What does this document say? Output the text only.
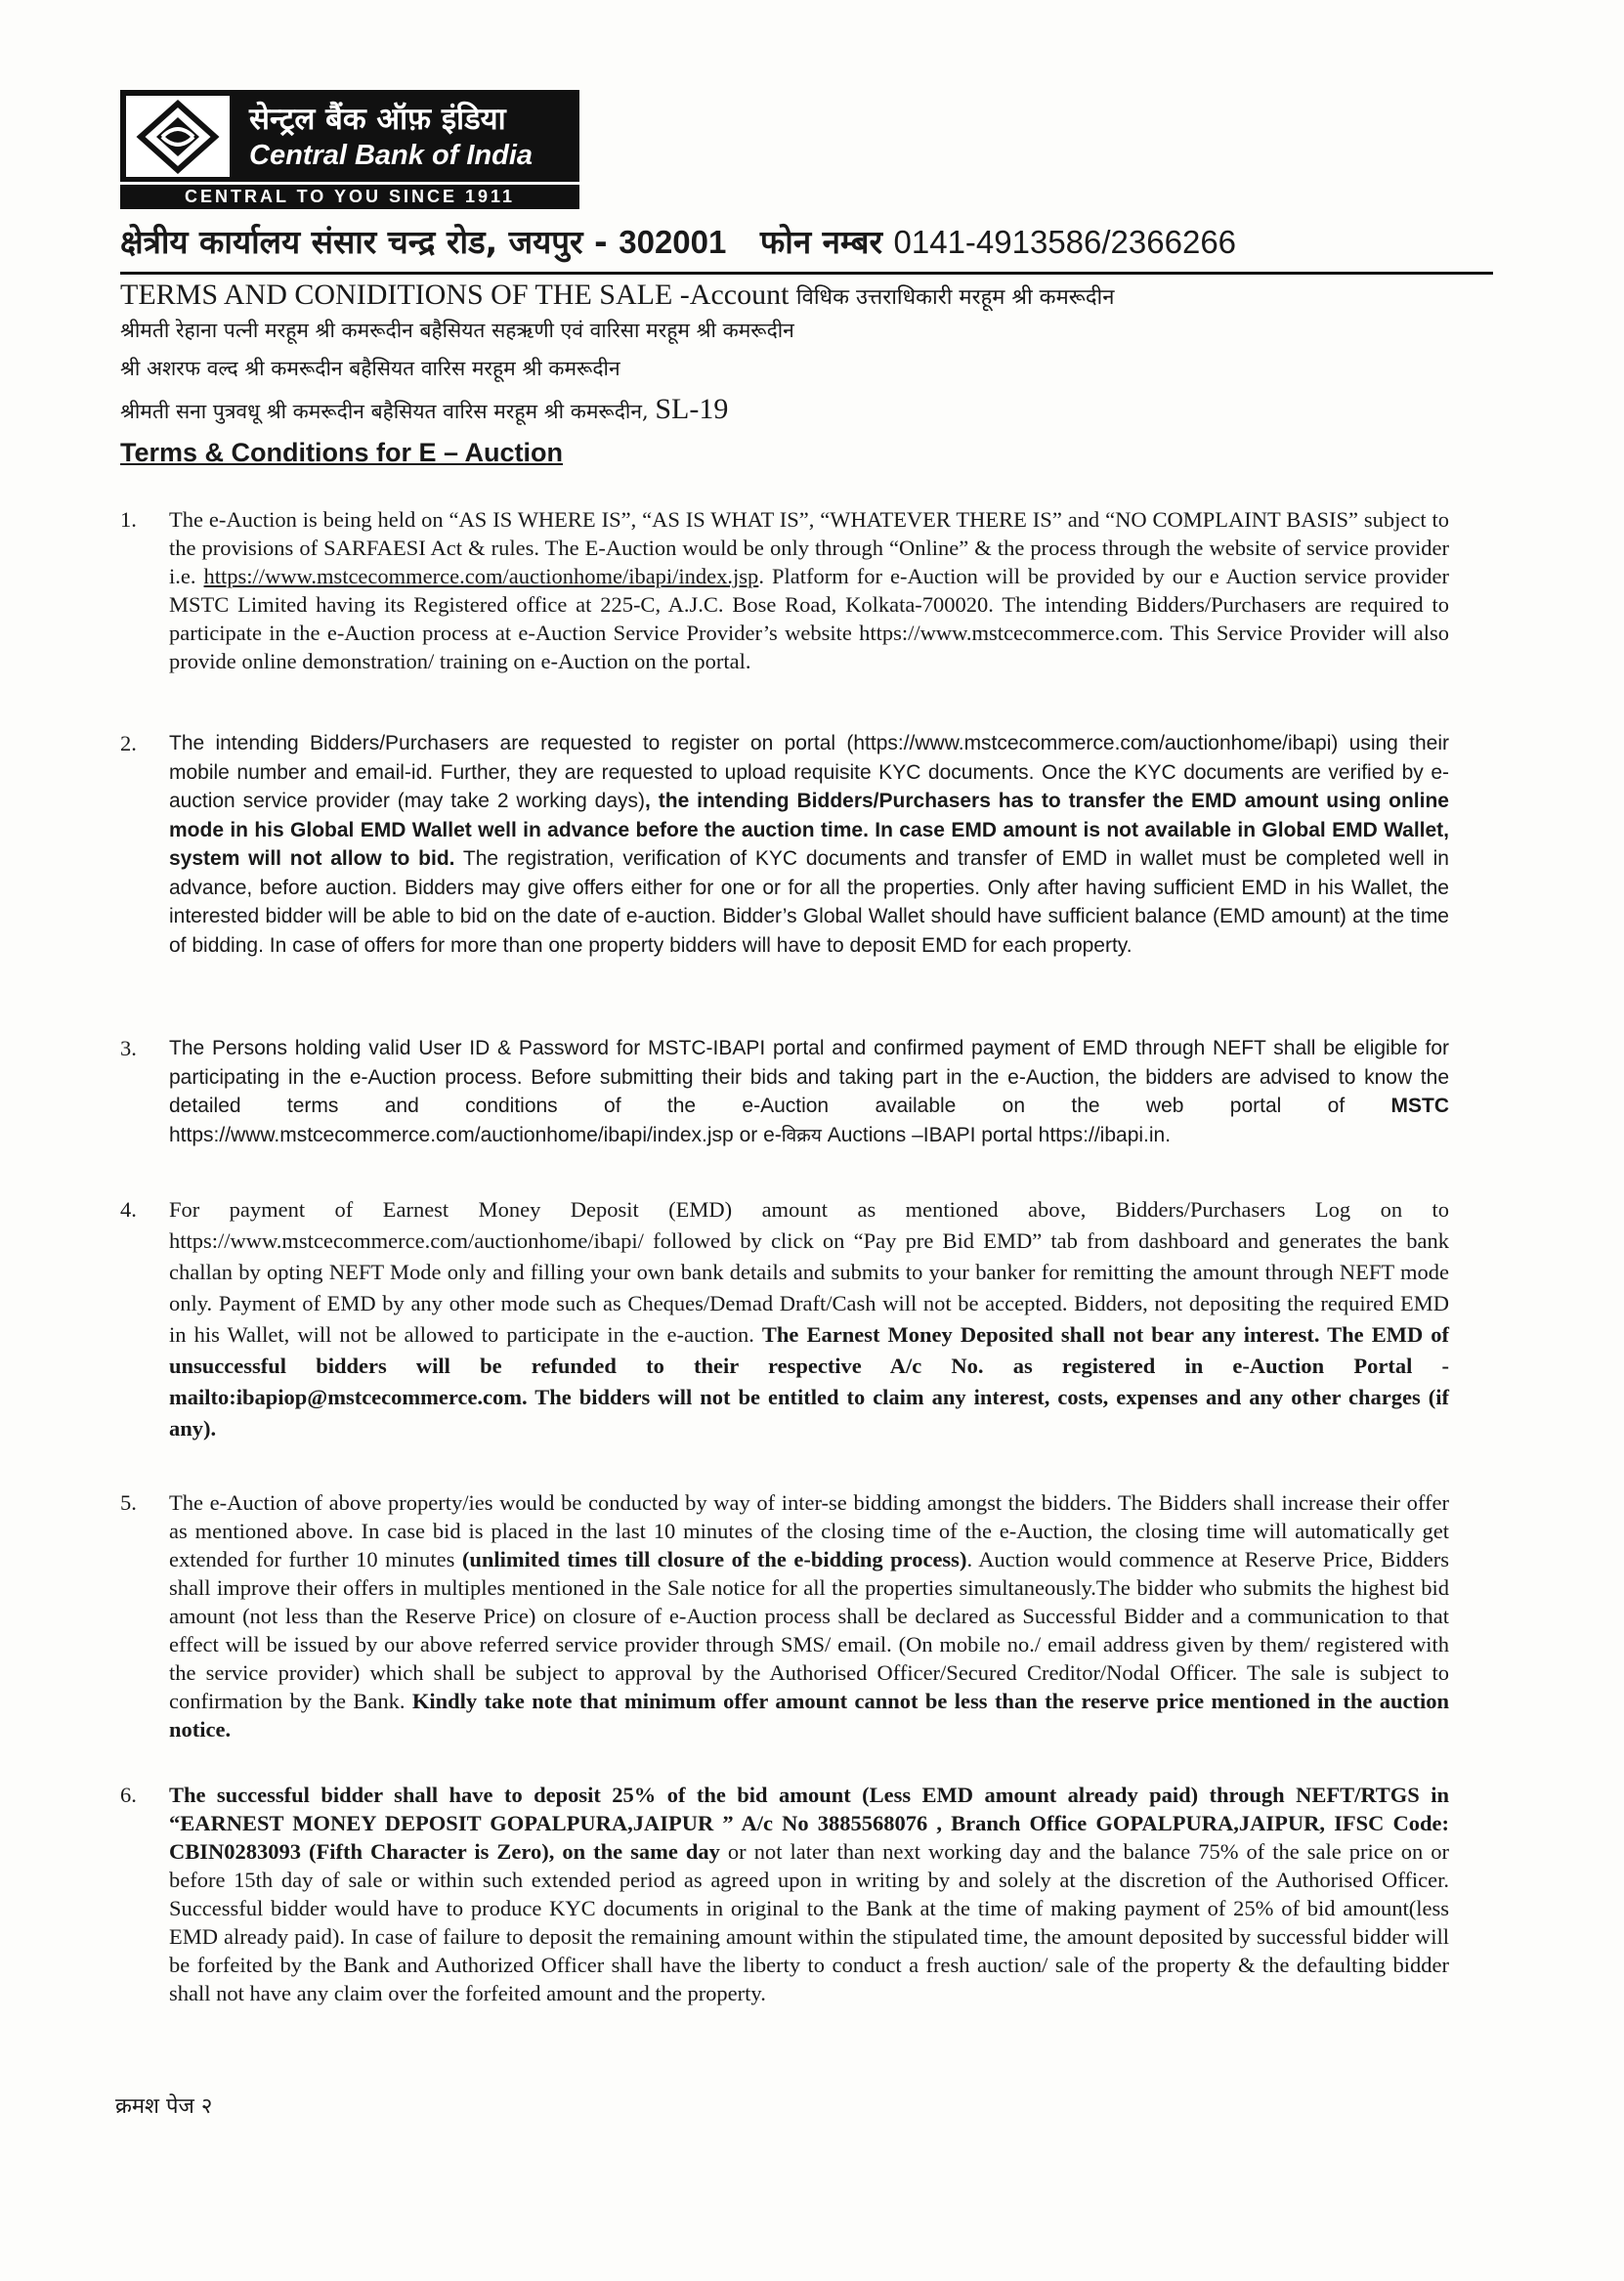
सेन्ट्रल बैंक ऑफ़ इंडिया
Central Bank of India
CENTRAL TO YOU SINCE 1911
क्षेत्रीय कार्यालय संसार चन्द्र रोड, जयपुर - 302001 फोन नम्बर 0141-4913586/2366266
TERMS AND CONIDITIONS OF THE SALE -Account विधिक उत्तराधिकारी मरहूम श्री कमरूदीन
श्रीमती रेहाना पत्नी मरहूम श्री कमरूदीन बहैसियत सहऋणी एवं वारिसा मरहूम श्री कमरूदीन
श्री अशरफ वल्द श्री कमरूदीन बहैसियत वारिस मरहूम श्री कमरूदीन
श्रीमती सना पुत्रवधू श्री कमरूदीन बहैसियत वारिस मरहूम श्री कमरूदीन, SL-19
Terms & Conditions for E – Auction
1.	The e-Auction is being held on “AS IS WHERE IS”, “AS IS WHAT IS”, “WHATEVER THERE IS” and “NO COMPLAINT BASIS” subject to the provisions of SARFAESI Act & rules. The E-Auction would be only through “Online” & the process through the website of service provider i.e. https://www.mstcecommerce.com/auctionhome/ibapi/index.jsp. Platform for e-Auction will be provided by our e Auction service provider MSTC Limited having its Registered office at 225-C, A.J.C. Bose Road, Kolkata-700020. The intending Bidders/Purchasers are required to participate in the e-Auction process at e-Auction Service Provider’s website https://www.mstcecommerce.com. This Service Provider will also provide online demonstration/ training on e-Auction on the portal.
2.	The intending Bidders/Purchasers are requested to register on portal (https://www.mstcecommerce.com/auctionhome/ibapi) using their mobile number and email-id. Further, they are requested to upload requisite KYC documents. Once the KYC documents are verified by e-auction service provider (may take 2 working days), the intending Bidders/Purchasers has to transfer the EMD amount using online mode in his Global EMD Wallet well in advance before the auction time. In case EMD amount is not available in Global EMD Wallet, system will not allow to bid. The registration, verification of KYC documents and transfer of EMD in wallet must be completed well in advance, before auction. Bidders may give offers either for one or for all the properties. Only after having sufficient EMD in his Wallet, the interested bidder will be able to bid on the date of e-auction. Bidder’s Global Wallet should have sufficient balance (EMD amount) at the time of bidding. In case of offers for more than one property bidders will have to deposit EMD for each property.
3.	The Persons holding valid User ID & Password for MSTC-IBAPI portal and confirmed payment of EMD through NEFT shall be eligible for participating in the e-Auction process. Before submitting their bids and taking part in the e-Auction, the bidders are advised to know the detailed terms and conditions of the e-Auction available on the web portal of MSTC https://www.mstcecommerce.com/auctionhome/ibapi/index.jsp or e-विक्रय Auctions –IBAPI portal https://ibapi.in.
4.	For payment of Earnest Money Deposit (EMD) amount as mentioned above, Bidders/Purchasers Log on to https://www.mstcecommerce.com/auctionhome/ibapi/ followed by click on “Pay pre Bid EMD” tab from dashboard and generates the bank challan by opting NEFT Mode only and filling your own bank details and submits to your banker for remitting the amount through NEFT mode only. Payment of EMD by any other mode such as Cheques/Demad Draft/Cash will not be accepted. Bidders, not depositing the required EMD in his Wallet, will not be allowed to participate in the e-auction. The Earnest Money Deposited shall not bear any interest. The EMD of unsuccessful bidders will be refunded to their respective A/c No. as registered in e-Auction Portal - mailto:ibapiop@mstcecommerce.com. The bidders will not be entitled to claim any interest, costs, expenses and any other charges (if any).
5.	The e-Auction of above property/ies would be conducted by way of inter-se bidding amongst the bidders. The Bidders shall increase their offer as mentioned above. In case bid is placed in the last 10 minutes of the closing time of the e-Auction, the closing time will automatically get extended for further 10 minutes (unlimited times till closure of the e-bidding process). Auction would commence at Reserve Price, Bidders shall improve their offers in multiples mentioned in the Sale notice for all the properties simultaneously.The bidder who submits the highest bid amount (not less than the Reserve Price) on closure of e-Auction process shall be declared as Successful Bidder and a communication to that effect will be issued by our above referred service provider through SMS/ email. (On mobile no./ email address given by them/ registered with the service provider) which shall be subject to approval by the Authorised Officer/Secured Creditor/Nodal Officer. The sale is subject to confirmation by the Bank. Kindly take note that minimum offer amount cannot be less than the reserve price mentioned in the auction notice.
6.	The successful bidder shall have to deposit 25% of the bid amount (Less EMD amount already paid) through NEFT/RTGS in “EARNEST MONEY DEPOSIT GOPALPURA,JAIPUR ” A/c No 3885568076 , Branch Office GOPALPURA,JAIPUR, IFSC Code: CBIN0283093 (Fifth Character is Zero), on the same day or not later than next working day and the balance 75% of the sale price on or before 15th day of sale or within such extended period as agreed upon in writing by and solely at the discretion of the Authorised Officer. Successful bidder would have to produce KYC documents in original to the Bank at the time of making payment of 25% of bid amount(less EMD already paid). In case of failure to deposit the remaining amount within the stipulated time, the amount deposited by successful bidder will be forfeited by the Bank and Authorized Officer shall have the liberty to conduct a fresh auction/ sale of the property & the defaulting bidder shall not have any claim over the forfeited amount and the property.
क्रमश पेज २
